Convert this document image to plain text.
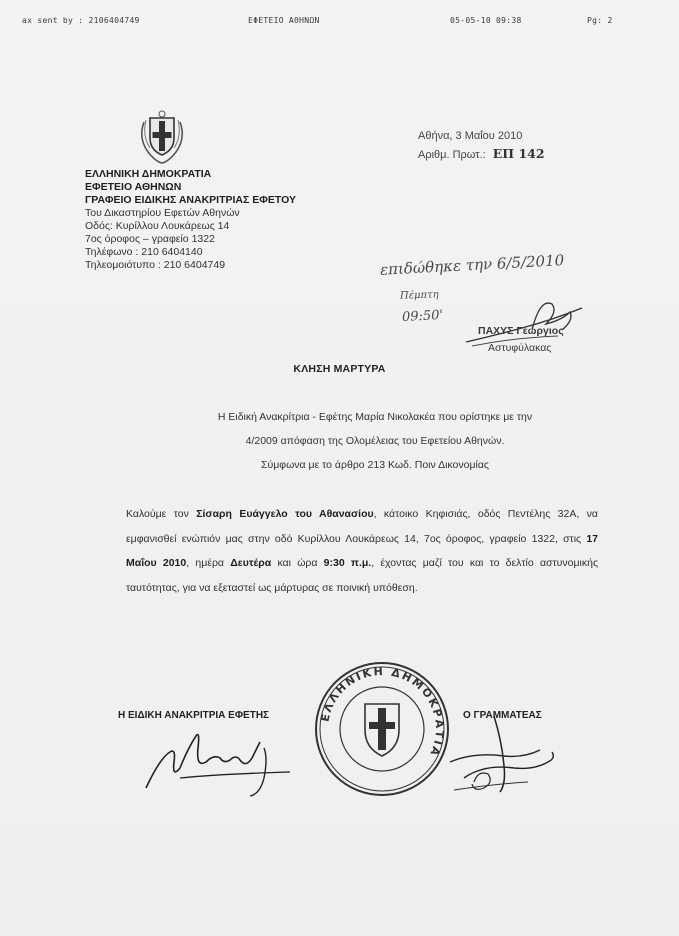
ax sent by : 2106404749	ΕΦΕΤΕΙΟ ΑΘΗΝΩΝ	05-05-10 09:38	Pg: 2
ΕΛΛΗΝΙΚΗ ΔΗΜΟΚΡΑΤΙΑ
ΕΦΕΤΕΙΟ ΑΘΗΝΩΝ
ΓΡΑΦΕΙΟ ΕΙΔΙΚΗΣ ΑΝΑΚΡΙΤΡΙΑΣ ΕΦΕΤΟΥ
Του Δικαστηρίου Εφετών Αθηνών
Οδός: Κυρίλλου Λουκάρεως 14
7ος όροφος – γραφείο 1322
Τηλέφωνο : 210 6404140
Τηλεομοιότυπο : 210 6404749
Αθήνα, 3 Μαΐου 2010
Αριθμ. Πρωτ.: ΕΠ 142
επιδώθηκε την 6/5/2010
Πέμπτη
09:50'
ΠΑΧΥΣ Γεώργιος
Αστυφύλακας
ΚΛΗΣΗ ΜΑΡΤΥΡΑ
Η Ειδική Ανακρίτρια - Εφέτης Μαρία Νικολακέα που ορίστηκε με την
4/2009 απόφαση της Ολομέλειας του Εφετείου Αθηνών.
Σύμφωνα με το άρθρο 213 Κωδ. Ποιν Δικονομίας
Καλούμε τον Σίσαρη Ευάγγελο του Αθανασίου, κάτοικο Κηφισιάς, οδός Πεντέλης 32Α, να εμφανισθεί ενώπιόν μας στην οδό Κυρίλλου Λουκάρεως 14, 7ος όροφος, γραφείο 1322, στις 17 Μαΐου 2010, ημέρα Δευτέρα και ώρα 9:30 π.μ., έχοντας μαζί του και το δελτίο αστυνομικής ταυτότητας, για να εξεταστεί ως μάρτυρας σε ποινική υπόθεση.
Η ΕΙΔΙΚΗ ΑΝΑΚΡΙΤΡΙΑ ΕΦΕΤΗΣ	Ο ΓΡΑΜΜΑΤΕΑΣ
ΕΛΛΗΝΙΚΗ ΔΗΜΟΚΡΑΤΙΑ
